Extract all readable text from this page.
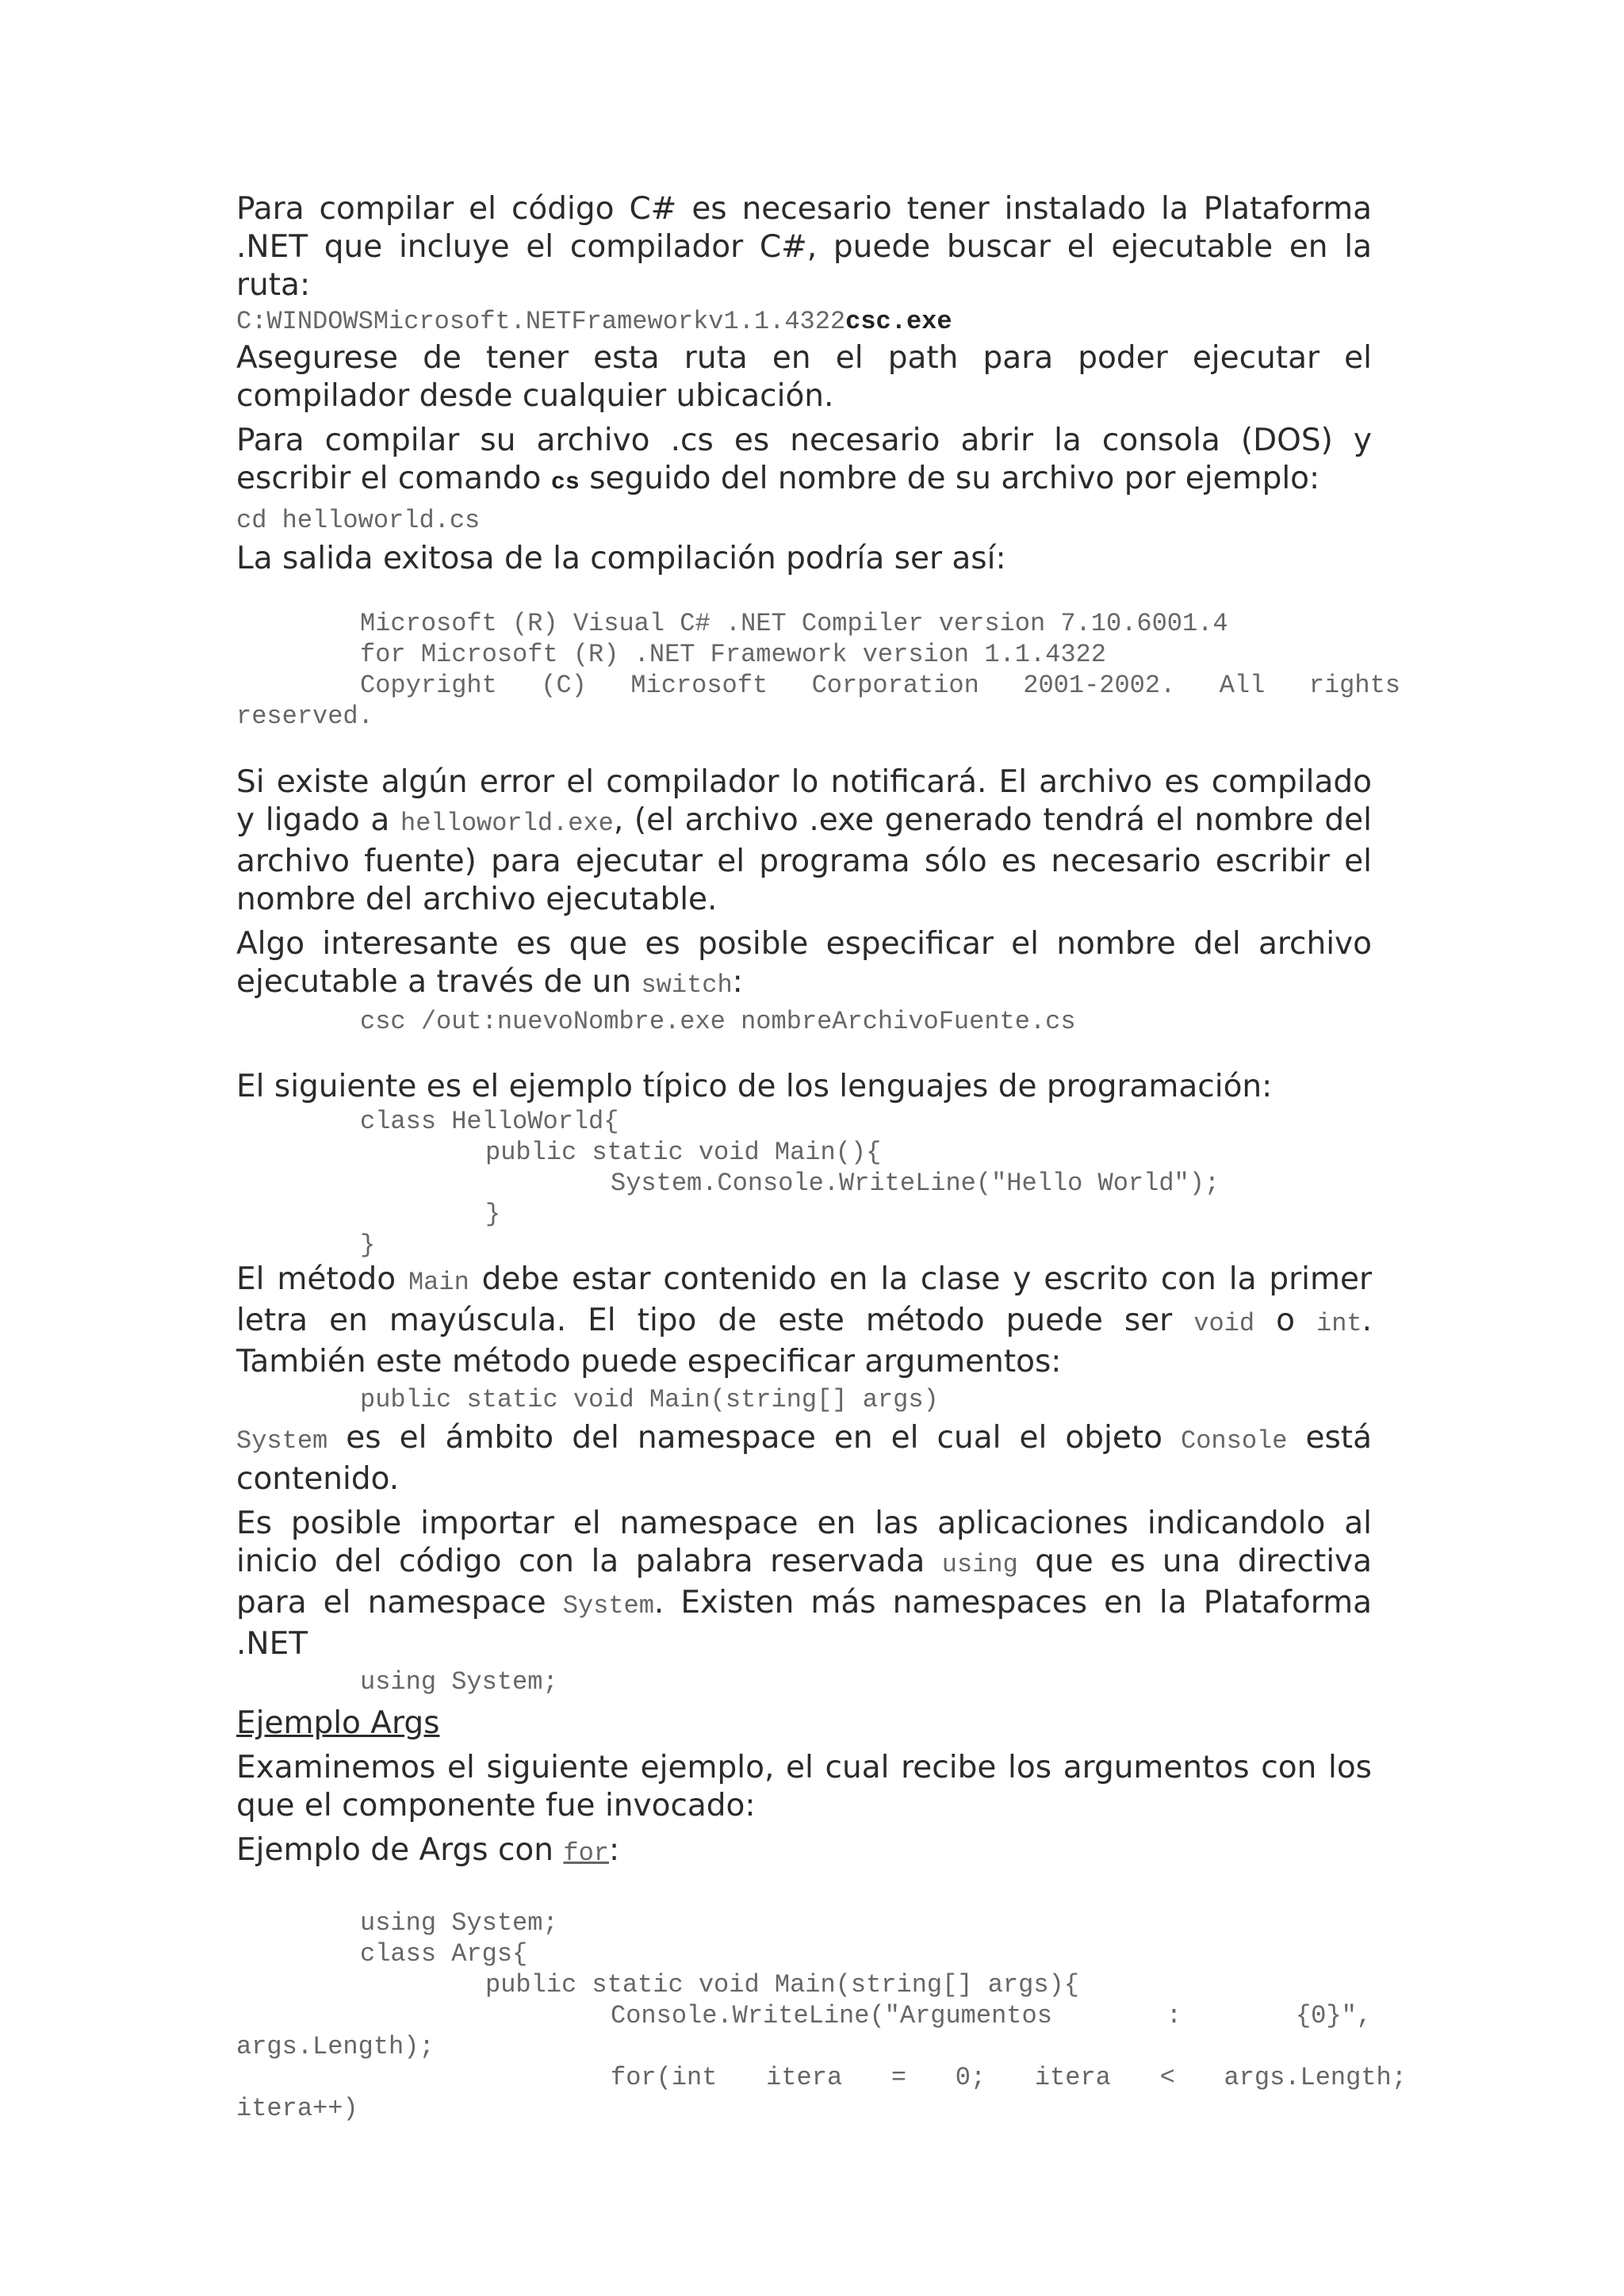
Para compilar el código C# es necesario tener instalado la Plataforma .NET que incluye el compilador C#, puede buscar el ejecutable en la ruta:

C:WINDOWSMicrosoft.NETFrameworkv1.1.4322csc.exe

Asegurese de tener esta ruta en el path para poder ejecutar el compilador desde cualquier ubicación.

Para compilar su archivo .cs es necesario abrir la consola (DOS) y escribir el comando cs seguido del nombre de su archivo por ejemplo:

cd helloworld.cs

La salida exitosa de la compilación podría ser así:

Microsoft (R) Visual C# .NET Compiler version 7.10.6001.4
for Microsoft (R) .NET Framework version 1.1.4322
Copyright (C) Microsoft Corporation 2001-2002. All rights
reserved.

Si existe algún error el compilador lo notificará. El archivo es compilado y ligado a helloworld.exe, (el archivo .exe generado tendrá el nombre del archivo fuente) para ejecutar el programa sólo es necesario escribir el nombre del archivo ejecutable.

Algo interesante es que es posible especificar el nombre del archivo ejecutable a través de un switch:

csc /out:nuevoNombre.exe nombreArchivoFuente.cs

El siguiente es el ejemplo típico de los lenguajes de programación:

class HelloWorld{
public static void Main(){
System.Console.WriteLine("Hello World");
}
}

El método Main debe estar contenido en la clase y escrito con la primer letra en mayúscula. El tipo de este método puede ser void o int. También este método puede especificar argumentos:

public static void Main(string[] args)

System es el ámbito del namespace en el cual el objeto Console está contenido.

Es posible importar el namespace en las aplicaciones indicandolo al inicio del código con la palabra reservada using que es una directiva para el namespace System. Existen más namespaces en la Plataforma .NET

using System;
Ejemplo Args

Examinemos el siguiente ejemplo, el cual recibe los argumentos con los que el componente fue invocado:

Ejemplo de Args con for:

using System;
class Args{
public static void Main(string[] args){
Console.WriteLine("Argumentos	:	{0}",
args.Length);
for(int itera = 0; itera < args.Length;
itera++)
